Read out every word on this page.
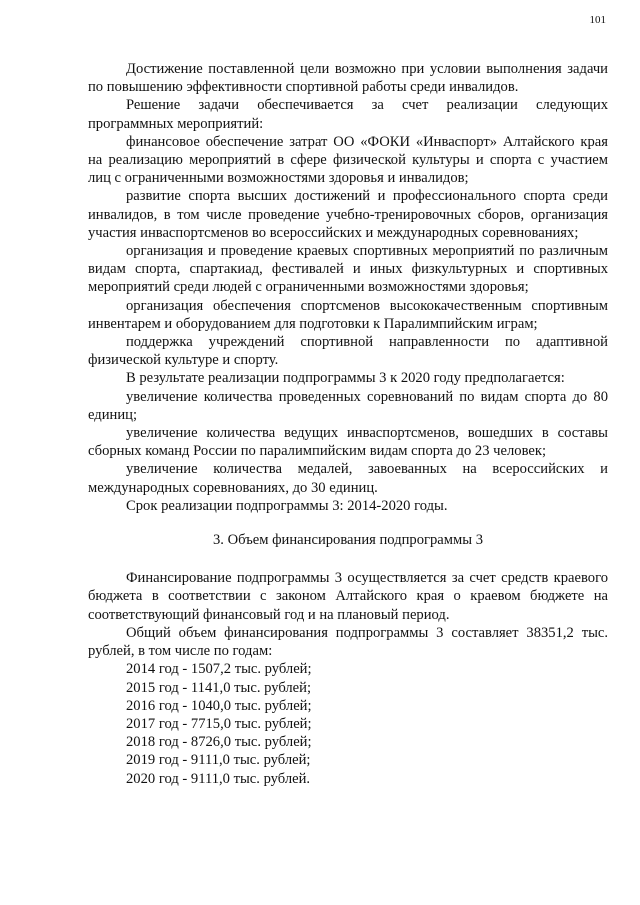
101

Достижение поставленной цели возможно при условии выполнения задачи по повышению эффективности спортивной работы среди инвалидов.

Решение задачи обеспечивается за счет реализации следующих программных мероприятий:

финансовое обеспечение затрат ОО «ФОКИ «Инваспорт» Алтайского края на реализацию мероприятий в сфере физической культуры и спорта с участием лиц с ограниченными возможностями здоровья и инвалидов;

развитие спорта высших достижений и профессионального спорта среди инвалидов, в том числе проведение учебно-тренировочных сборов, организация участия инваспортсменов во всероссийских и международных соревнованиях;

организация и проведение краевых спортивных мероприятий по различным видам спорта, спартакиад, фестивалей и иных физкультурных и спортивных мероприятий среди людей с ограниченными возможностями здоровья;

организация обеспечения спортсменов высококачественным спортивным инвентарем и оборудованием для подготовки к Паралимпийским играм;

поддержка учреждений спортивной направленности по адаптивной физической культуре и спорту.

В результате реализации подпрограммы 3 к 2020 году предполагается:

увеличение количества проведенных соревнований по видам спорта до 80 единиц;

увеличение количества ведущих инваспортсменов, вошедших в составы сборных команд России по паралимпийским видам спорта до 23 человек;

увеличение количества медалей, завоеванных на всероссийских и международных соревнованиях, до 30 единиц.

Срок реализации подпрограммы 3: 2014-2020 годы.

3. Объем финансирования подпрограммы 3

Финансирование подпрограммы 3 осуществляется за счет средств краевого бюджета в соответствии с законом Алтайского края о краевом бюджете на соответствующий финансовый год и на плановый период.

Общий объем финансирования подпрограммы 3 составляет 38351,2 тыс. рублей, в том числе по годам:

2014 год - 1507,2 тыс. рублей;

2015 год - 1141,0 тыс. рублей;

2016 год - 1040,0 тыс. рублей;

2017 год - 7715,0 тыс. рублей;

2018 год - 8726,0 тыс. рублей;

2019 год - 9111,0 тыс. рублей;

2020 год - 9111,0 тыс. рублей.
